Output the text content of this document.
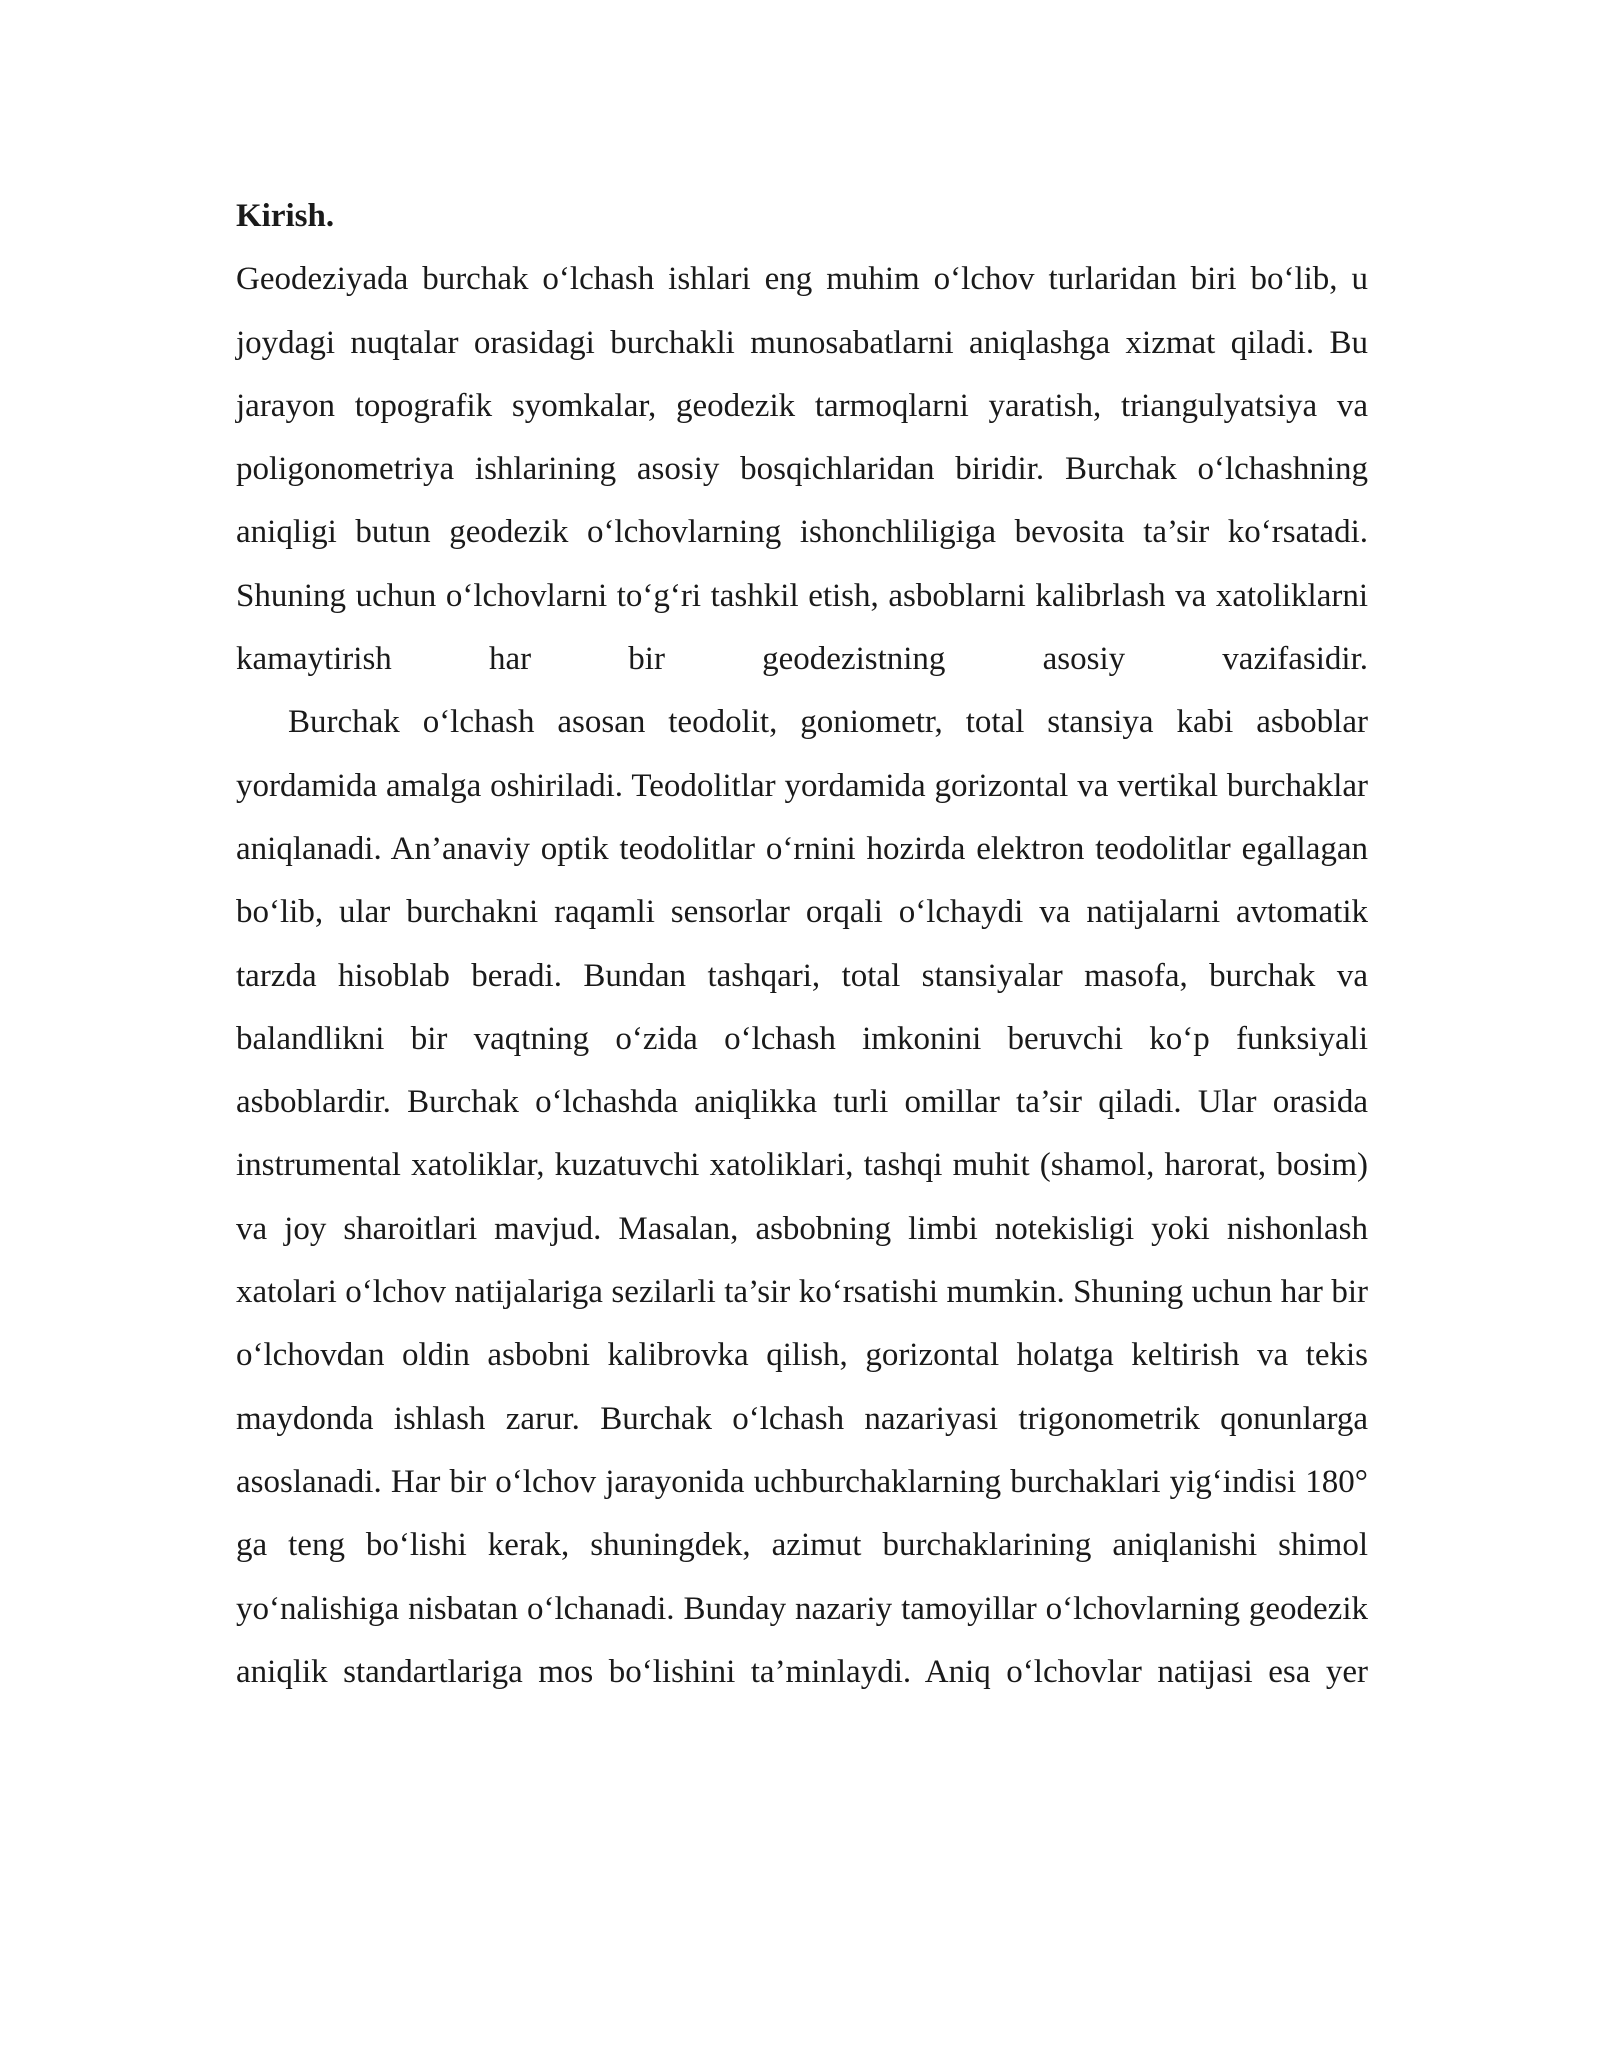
Kirish.

Geodeziyada burchak o‘lchash ishlari eng muhim o‘lchov turlaridan biri bo‘lib, u joydagi nuqtalar orasidagi burchakli munosabatlarni aniqlashga xizmat qiladi. Bu jarayon topografik syomkalar, geodezik tarmoqlarni yaratish, triangulyatsiya va poligonometriya ishlarining asosiy bosqichlaridan biridir. Burchak o‘lchashning aniqligi butun geodezik o‘lchovlarning ishonchliligiga bevosita ta’sir ko‘rsatadi. Shuning uchun o‘lchovlarni to‘g‘ri tashkil etish, asboblarni kalibrlash va xatoliklarni kamaytirish har bir geodezistning asosiy vazifasidir.

Burchak o‘lchash asosan teodolit, goniometr, total stansiya kabi asboblar yordamida amalga oshiriladi. Teodolitlar yordamida gorizontal va vertikal burchaklar aniqlanadi. An’anaviy optik teodolitlar o‘rnini hozirda elektron teodolitlar egallagan bo‘lib, ular burchakni raqamli sensorlar orqali o‘lchaydi va natijalarni avtomatik tarzda hisoblab beradi. Bundan tashqari, total stansiyalar masofa, burchak va balandlikni bir vaqtning o‘zida o‘lchash imkonini beruvchi ko‘p funksiyali asboblardir. Burchak o‘lchashda aniqlikka turli omillar ta’sir qiladi. Ular orasida instrumental xatoliklar, kuzatuvchi xatoliklari, tashqi muhit (shamol, harorat, bosim) va joy sharoitlari mavjud. Masalan, asbobning limbi notekisligi yoki nishonlash xatolari o‘lchov natijalariga sezilarli ta’sir ko‘rsatishi mumkin. Shuning uchun har bir o‘lchovdan oldin asbobni kalibrovka qilish, gorizontal holatga keltirish va tekis maydonda ishlash zarur. Burchak o‘lchash nazariyasi trigonometrik qonunlarga asoslanadi. Har bir o‘lchov jarayonida uchburchaklarning burchaklari yig‘indisi 180° ga teng bo‘lishi kerak, shuningdek, azimut burchaklarining aniqlanishi shimol yo‘nalishiga nisbatan o‘lchanadi. Bunday nazariy tamoyillar o‘lchovlarning geodezik aniqlik standartlariga mos bo‘lishini ta’minlaydi. Aniq o‘lchovlar natijasi esa yer
